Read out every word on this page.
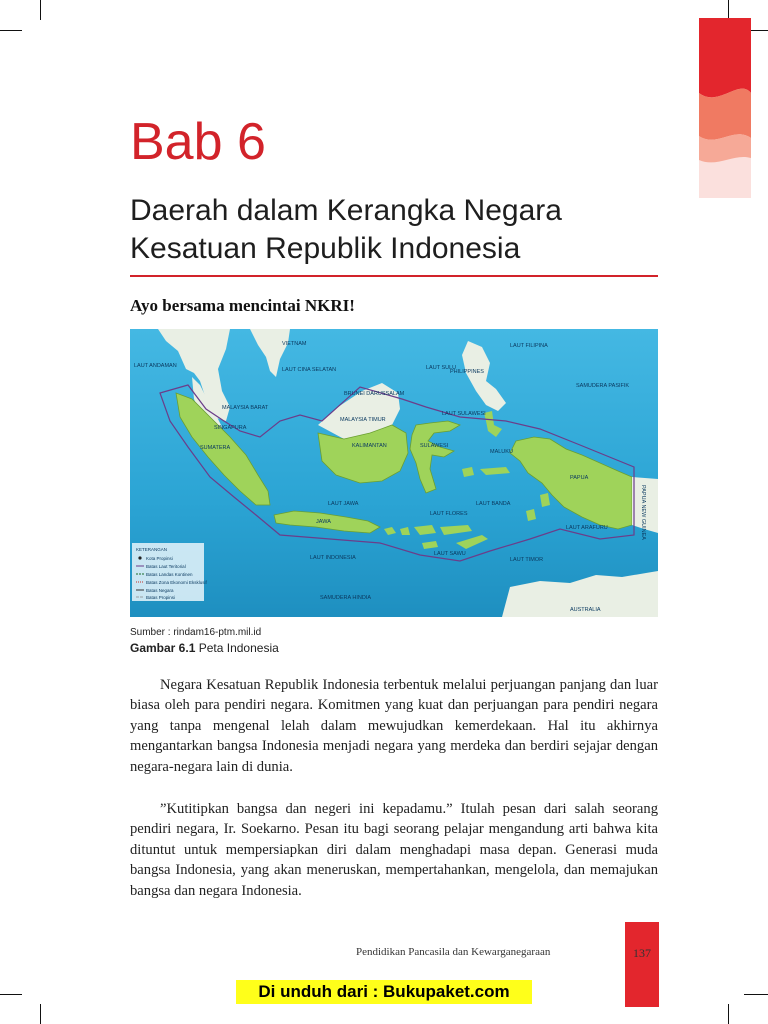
Bab 6
Daerah dalam Kerangka Negara
Kesatuan Republik Indonesia
Ayo bersama mencintai NKRI!
LAUT ANDAMAN
VIETNAM
LAUT CINA SELATAN	LAUT SULU
LAUT FILIPINA
PHILIPPINES
SAMUDERA PASIFIK
MALAYSIA BARAT
BRUNEI DARUSSALAM
MALAYSIA TIMUR
SINGAPURA
KALIMANTAN
LAUT SULAWESI
LAUT JAWA
LAUT FLORES
LAUT BANDA
LAUT ARAFURU
LAUT SAWU
LAUT TIMOR
LAUT INDONESIA
SAMUDERA HINDIA
AUSTRALIA
PAPUA NEW GUINEA
SUMATERA
JAWA
SULAWESI
PAPUA
MALUKU
KETERANGAN
Kota Propinsi
Batas Laut Teritorial
Batas Landas Kontinen
Batas Zona Ekonomi Eksklusif
Batas Negara
Batas Propinsi
Sumber : rindam16-ptm.mil.id
Gambar 6.1 Peta Indonesia

Negara Kesatuan Republik Indonesia terbentuk melalui perjuangan panjang dan luar biasa oleh para pendiri negara. Komitmen yang kuat dan perjuangan para pendiri negara yang tanpa mengenal lelah dalam mewujudkan kemerdekaan. Hal itu akhirnya mengantarkan bangsa Indonesia menjadi negara yang merdeka dan berdiri sejajar dengan negara-negara lain di dunia.

”Kutitipkan bangsa dan negeri ini kepadamu.” Itulah pesan dari salah seorang pendiri negara, Ir. Soekarno. Pesan itu bagi seorang pelajar mengandung arti bahwa kita dituntut untuk mempersiapkan diri dalam menghadapi masa depan. Generasi muda bangsa Indonesia, yang akan meneruskan, mempertahankan, mengelola, dan memajukan bangsa dan negara Indonesia.

Pendidikan Pancasila dan Kewarganegaraan	137
Di unduh dari : Bukupaket.com
